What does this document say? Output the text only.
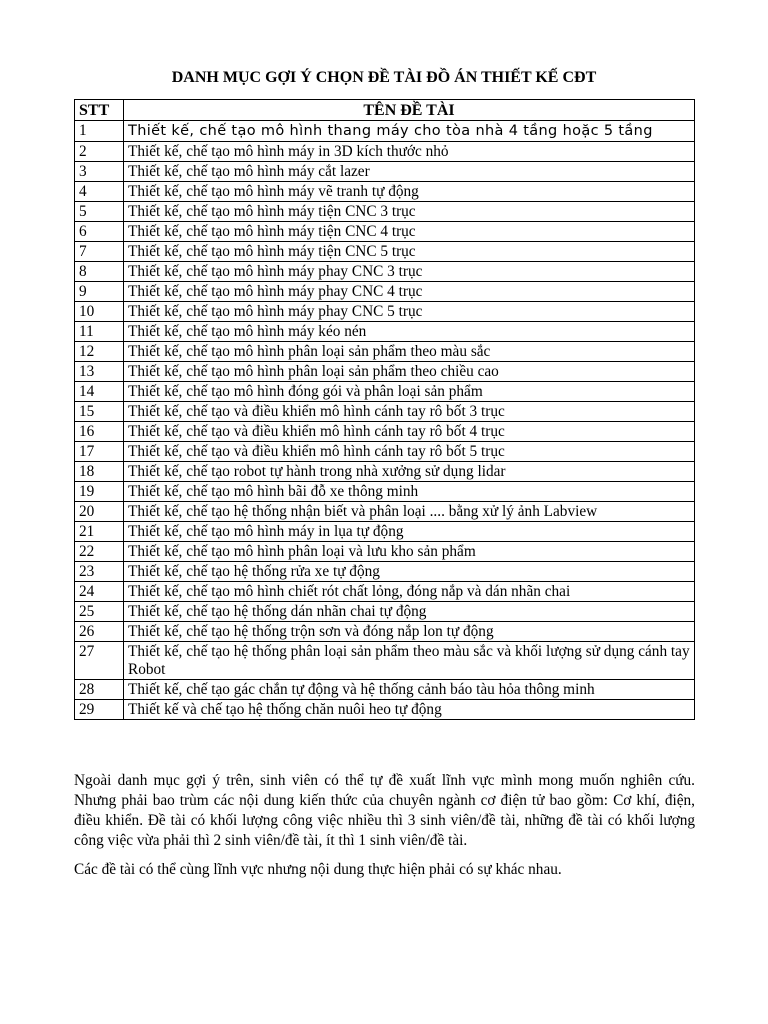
DANH MỤC GỢI Ý CHỌN ĐỀ TÀI ĐỒ ÁN THIẾT KẾ CĐT
STT	TÊN ĐỀ TÀI
1	Thiết kế, chế tạo mô hình thang máy cho tòa nhà 4 tầng hoặc 5 tầng
2	Thiết kế, chế tạo mô hình máy in 3D kích thước nhỏ
3	Thiết kế, chế tạo mô hình máy cắt lazer
4	Thiết kế, chế tạo mô hình máy vẽ tranh tự động
5	Thiết kế, chế tạo mô hình máy tiện CNC 3 trục
6	Thiết kế, chế tạo mô hình máy tiện CNC 4 trục
7	Thiết kế, chế tạo mô hình máy tiện CNC 5 trục
8	Thiết kế, chế tạo mô hình máy phay CNC 3 trục
9	Thiết kế, chế tạo mô hình máy phay CNC 4 trục
10	Thiết kế, chế tạo mô hình máy phay CNC 5 trục
11	Thiết kế, chế tạo mô hình máy kéo nén
12	Thiết kế, chế tạo mô hình phân loại sản phẩm theo màu sắc
13	Thiết kế, chế tạo mô hình phân loại sản phẩm theo chiều cao
14	Thiết kế, chế tạo mô hình đóng gói và phân loại sản phẩm
15	Thiết kế, chế tạo và điều khiển mô hình cánh tay rô bốt 3 trục
16	Thiết kế, chế tạo và điều khiển mô hình cánh tay rô bốt 4 trục
17	Thiết kế, chế tạo và điều khiển mô hình cánh tay rô bốt 5 trục
18	Thiết kế, chế tạo robot tự hành trong nhà xưởng sử dụng lidar
19	Thiết kế, chế tạo mô hình bãi đỗ xe thông minh
20	Thiết kế, chế tạo hệ thống nhận biết và phân loại .... bằng xử lý ảnh Labview
21	Thiết kế, chế tạo mô hình máy in lụa tự động
22	Thiết kế, chế tạo mô hình phân loại và lưu kho sản phẩm
23	Thiết kế, chế tạo hệ thống rửa xe tự động
24	Thiết kế, chế tạo mô hình chiết rót chất lỏng, đóng nắp và dán nhãn chai
25	Thiết kế, chế tạo hệ thống dán nhãn chai tự động
26	Thiết kế, chế tạo hệ thống trộn sơn và đóng nắp lon tự động
27	Thiết kế, chế tạo hệ thống phân loại sản phẩm theo màu sắc và khối lượng sử dụng cánh tay Robot
28	Thiết kế, chế tạo gác chắn tự động và hệ thống cảnh báo tàu hỏa thông minh
29	Thiết kế và chế tạo hệ thống chăn nuôi heo tự động

Ngoài danh mục gợi ý trên, sinh viên có thể tự đề xuất lĩnh vực mình mong muốn nghiên cứu. Nhưng phải bao trùm các nội dung kiến thức của chuyên ngành cơ điện tử bao gồm: Cơ khí, điện, điều khiển. Đề tài có khối lượng công việc nhiều thì 3 sinh viên/đề tài, những đề tài có khối lượng công việc vừa phải thì 2 sinh viên/đề tài, ít thì 1 sinh viên/đề tài.

Các đề tài có thể cùng lĩnh vực nhưng nội dung thực hiện phải có sự khác nhau.
